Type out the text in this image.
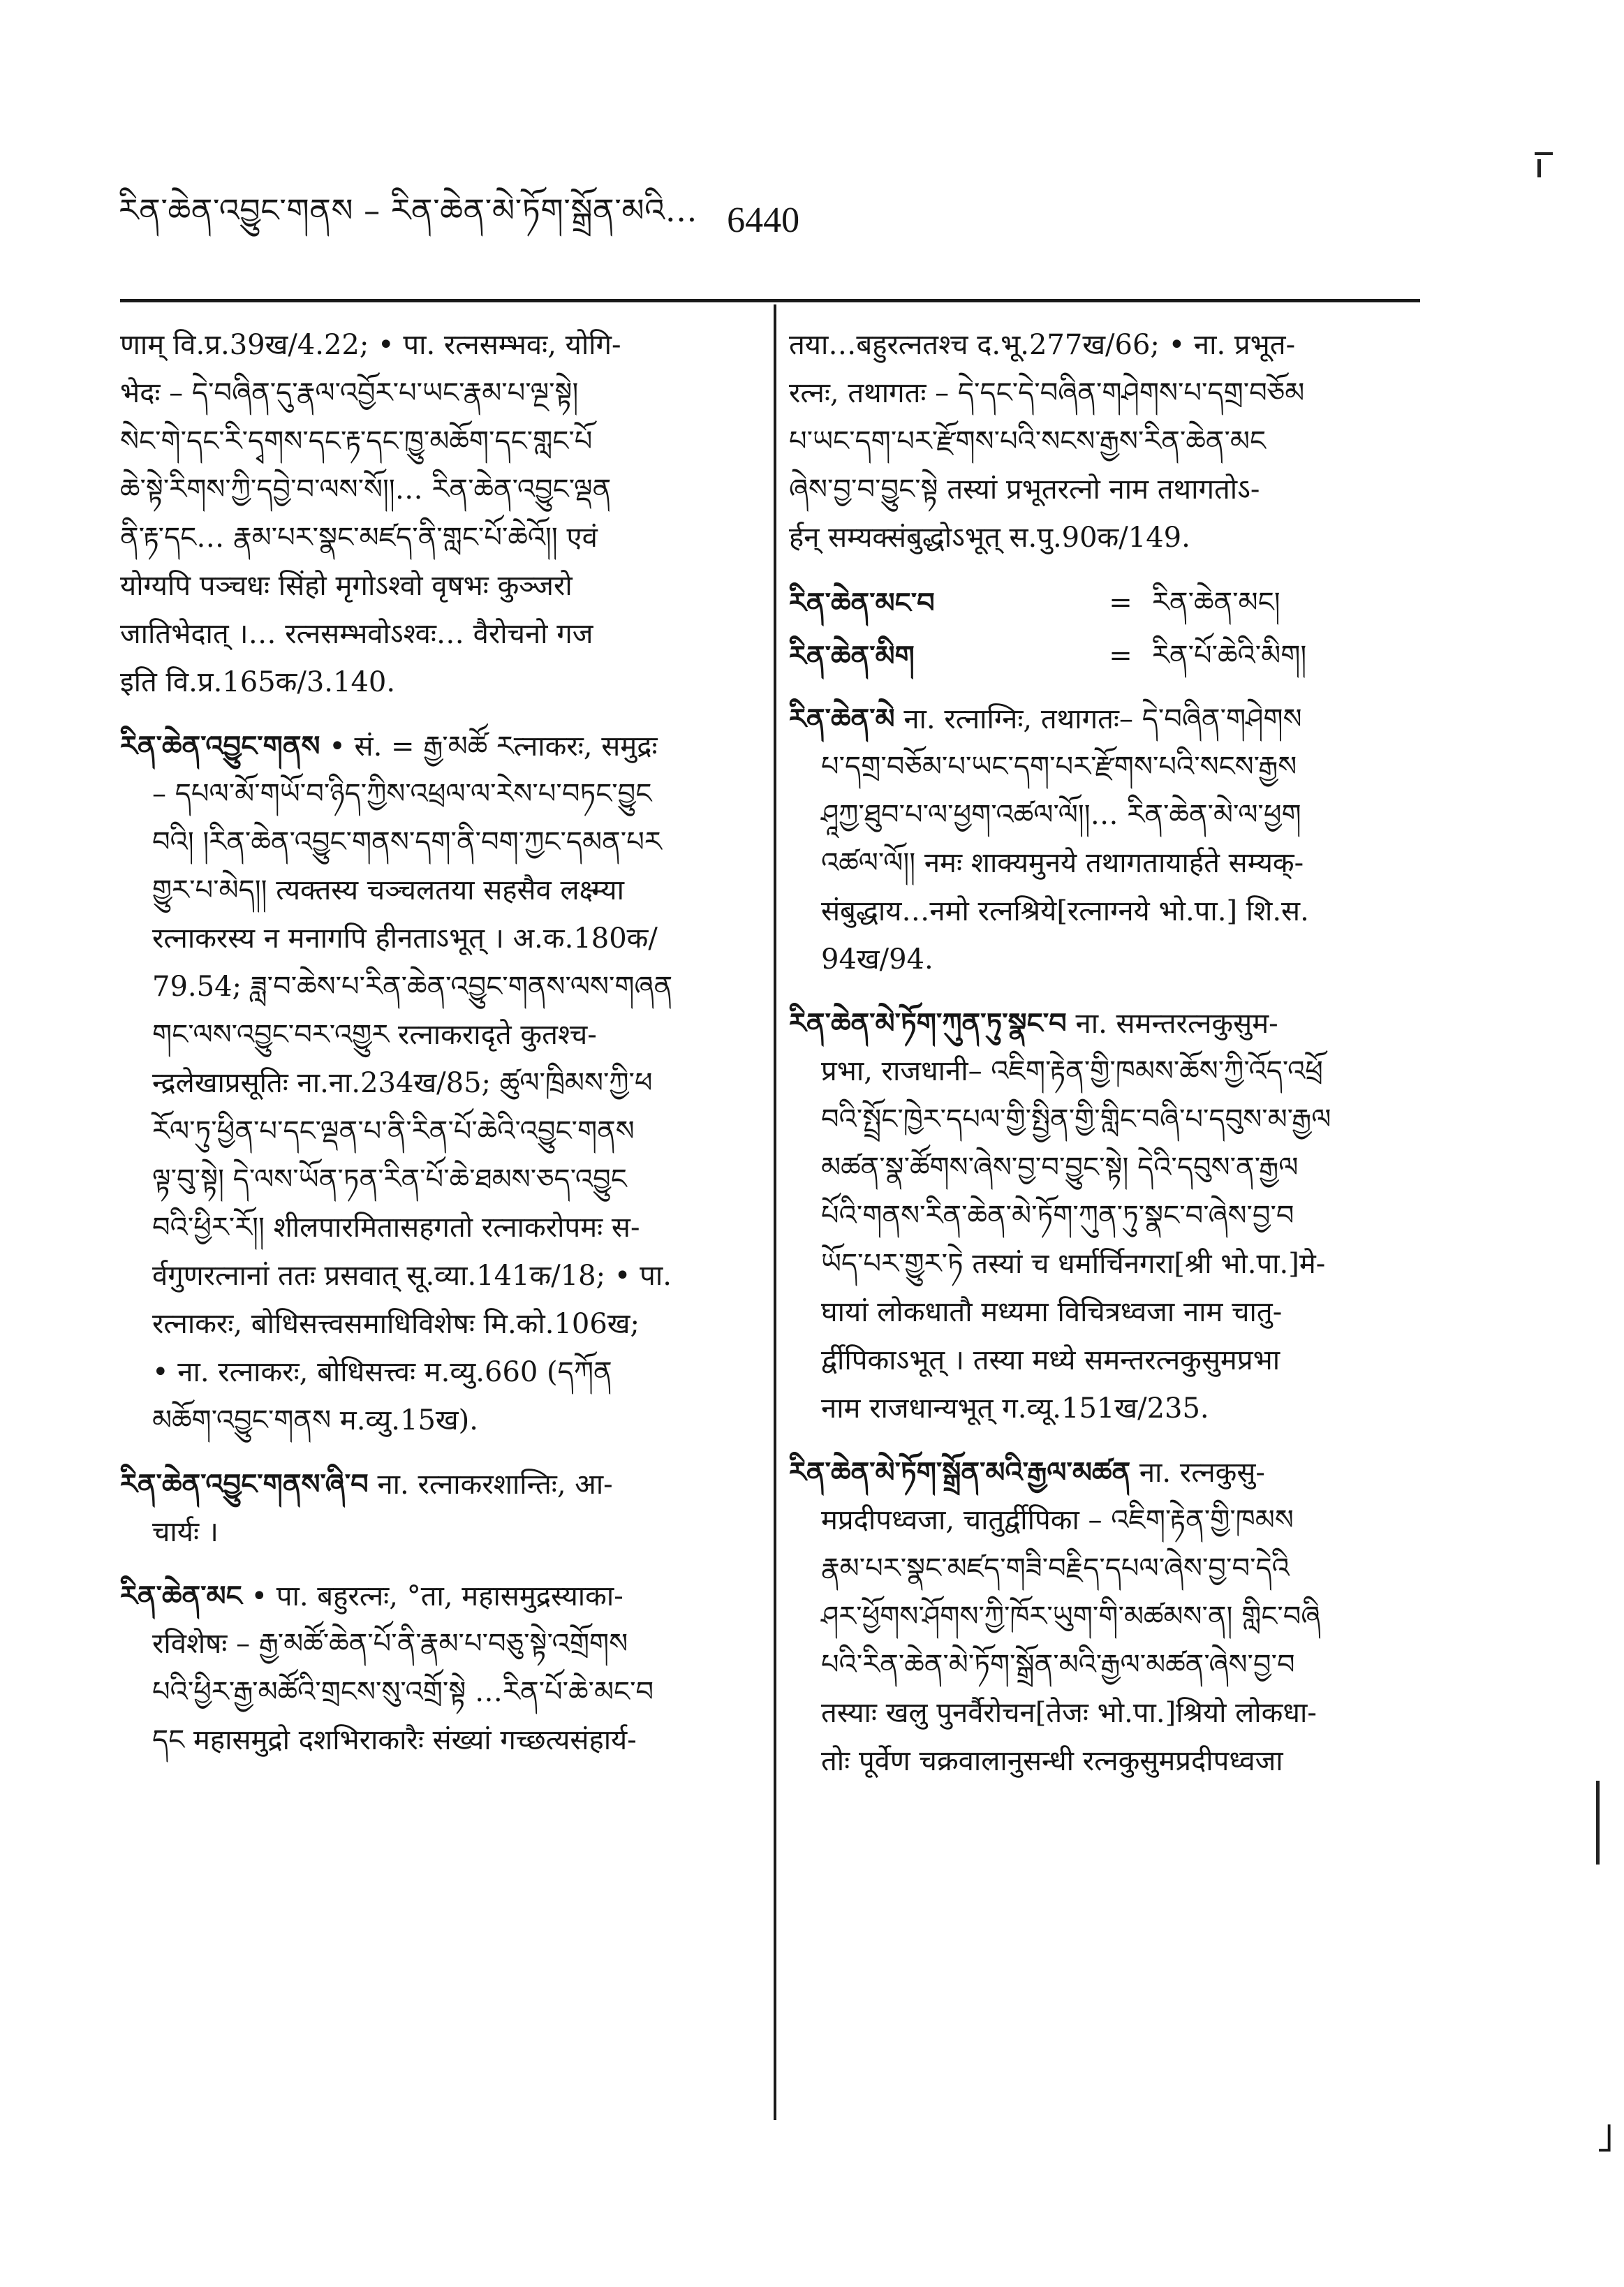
རིན་ཆེན་འབྱུང་གནས – རིན་ཆེན་མེ་ཏོག་སྒྲོན་མའི… 6440
˩
णाम् वि.प्र.39ख/4.22; • पा. रत्नसम्भवः, योगि-
भेदः – དེ་བཞིན་དུ་རྣལ་འབྱོར་པ་ཡང་རྣམ་པ་ལྔ་སྟེ།
སེང་གེ་དང་རི་དྭགས་དང་རྟ་དང་ཁྱུ་མཆོག་དང་གླང་པོ
ཆེ་སྟེ་རིགས་ཀྱི་དབྱེ་བ་ལས་སོ།།… རིན་ཆེན་འབྱུང་ལྡན
ནི་རྟ་དང… རྣམ་པར་སྣང་མཛད་ནི་གླང་པོ་ཆེའོ།། एवं
योग्यपि पञ्चधः सिंहो मृगोऽश्वो वृषभः कुञ्जरो
जातिभेदात् ।… रत्नसम्भवोऽश्वः… वैरोचनो गज
इति वि.प्र.165क/3.140.
རིན་ཆེན་འབྱུང་གནས • सं. = རྒྱ་མཚོ རत्नाकरः, समुद्रः
– དཔལ་མོ་གཡོ་བ་ཉིད་ཀྱིས་འཕྲལ་ལ་རེས་པ་བཏང་བྱུང
བའི། །རིན་ཆེན་འབྱུང་གནས་དག་ནི་བག་ཀྱང་དམན་པར
གྱུར་པ་མེད།། त्यक्तस्य चञ्चलतया सहसैव लक्ष्म्या
रत्नाकरस्य न मनागपि हीनताऽभूत् । अ.क.180क/
79.54; ཟླ་བ་ཆེས་པ་རིན་ཆེན་འབྱུང་གནས་ལས་གཞན
གང་ལས་འབྱུང་བར་འགྱུར रत्नाकरादृते कुतश्च-
न्द्रलेखाप्रसूतिः ना.ना.234ख/85; ཚུལ་ཁྲིམས་ཀྱི་ཕ
རོལ་ཏུ་ཕྱིན་པ་དང་ལྡན་པ་ནི་རིན་པོ་ཆེའི་འབྱུང་གནས
ལྟ་བུ་སྟེ། དེ་ལས་ཡོན་ཏན་རིན་པོ་ཆེ་ཐམས་ཅད་འབྱུང
བའི་ཕྱིར་རོ།། शीलपारमितासहगतो रत्नाकरोपमः स-
र्वगुणरत्नानां ततः प्रसवात् सू.व्या.141क/18; • पा.
रत्नाकरः, बोधिसत्त्वसमाधिविशेषः मि.को.106ख;
• ना. रत्नाकरः, बोधिसत्त्वः म.व्यु.660 (དཀོན
མཆོག་འབྱུང་གནས म.व्यु.15ख).
རིན་ཆེན་འབྱུང་གནས་ཞི་བ ना. रत्नाकरशान्तिः, आ-
चार्यः ।
རིན་ཆེན་མང • पा. बहुरत्नः, °ता, महासमुद्रस्याका-
रविशेषः – རྒྱ་མཚོ་ཆེན་པོ་ནི་རྣམ་པ་བཅུ་སྟེ་འགྲོགས
པའི་ཕྱིར་རྒྱ་མཚོའི་གྲངས་སུ་འགྲོ་སྟེ …རིན་པོ་ཆེ་མང་བ
དང महासमुद्रो दशभिराकारैः संख्यां गच्छत्यसंहार्य-
तया…बहुरत्नतश्च द.भू.277ख/66; • ना. प्रभूत-
रत्नः, तथागतः – དེ་དང་དེ་བཞིན་གཤེགས་པ་དགྲ་བཅོམ
པ་ཡང་དག་པར་རྫོགས་པའི་སངས་རྒྱས་རིན་ཆེན་མང
ཞེས་བྱ་བ་བྱུང་སྟེ तस्यां प्रभूतरत्नो नाम तथागतोऽ-
र्हन् सम्यक्संबुद्धोऽभूत् स.पु.90क/149.
རིན་ཆེན་མང་བ	= རིན་ཆེན་མང།
རིན་ཆེན་མིག	= རིན་པོ་ཆེའི་མིག།
རིན་ཆེན་མེ ना. रत्नाग्निः, तथागतः– དེ་བཞིན་གཤེགས
པ་དགྲ་བཅོམ་པ་ཡང་དག་པར་རྫོགས་པའི་སངས་རྒྱས
ཤཱཀྱ་ཐུབ་པ་ལ་ཕྱག་འཚལ་ལོ།།… རིན་ཆེན་མེ་ལ་ཕྱག
འཚལ་ལོ།། नमः शाक्यमुनये तथागतायार्हते सम्यक्-
संबुद्धाय…नमो रत्नश्रिये[रत्नाग्नये भो.पा.] शि.स.
94ख/94.
རིན་ཆེན་མེ་ཏོག་ཀུན་ཏུ་སྣང་བ ना. समन्तरत्नकुसुम-
प्रभा, राजधानी– འཇིག་རྟེན་གྱི་ཁམས་ཆོས་ཀྱི་འོད་འཕྲོ
བའི་སྤྲོང་ཁྱེར་དཔལ་གྱི་སྤྱིན་གྱི་གླིང་བཞི་པ་དབུས་མ་རྒྱལ
མཚན་སྣ་ཚོགས་ཞེས་བྱ་བ་བྱུང་སྟེ། དེའི་དབུས་ན་རྒྱལ
པོའི་གནས་རིན་ཆེན་མེ་ཏོག་ཀུན་ཏུ་སྣང་བ་ཞེས་བྱ་བ
ཡོད་པར་གྱུར་ཏེ तस्यां च धर्मार्चिनगरा[श्री भो.पा.]मे-
घायां लोकधातौ मध्यमा विचित्रध्वजा नाम चातु-
र्द्वीपिकाऽभूत् । तस्या मध्ये समन्तरत्नकुसुमप्रभा
नाम राजधान्यभूत् ग.व्यू.151ख/235.
རིན་ཆེན་མེ་ཏོག་སྒྲོན་མའི་རྒྱལ་མཚན ना. रत्नकुसु-
मप्रदीपध्वजा, चातुर्द्वीपिका – འཇིག་རྟེན་གྱི་ཁམས
རྣམ་པར་སྣང་མཛད་གཟི་བརྗིད་དཔལ་ཞེས་བྱ་བ་དེའི
ཤར་ཕྱོགས་ཤོགས་ཀྱི་ཁོར་ཡུག་གི་མཚམས་ན། གླིང་བཞི
པའི་རིན་ཆེན་མེ་ཏོག་སྒྲོན་མའི་རྒྱལ་མཚན་ཞེས་བྱ་བ
तस्याः खलु पुनर्वैरोचन[तेजः भो.पा.]श्रियो लोकधा-
तोः पूर्वेण चक्रवालानुसन्धी रत्नकुसुमप्रदीपध्वजा
